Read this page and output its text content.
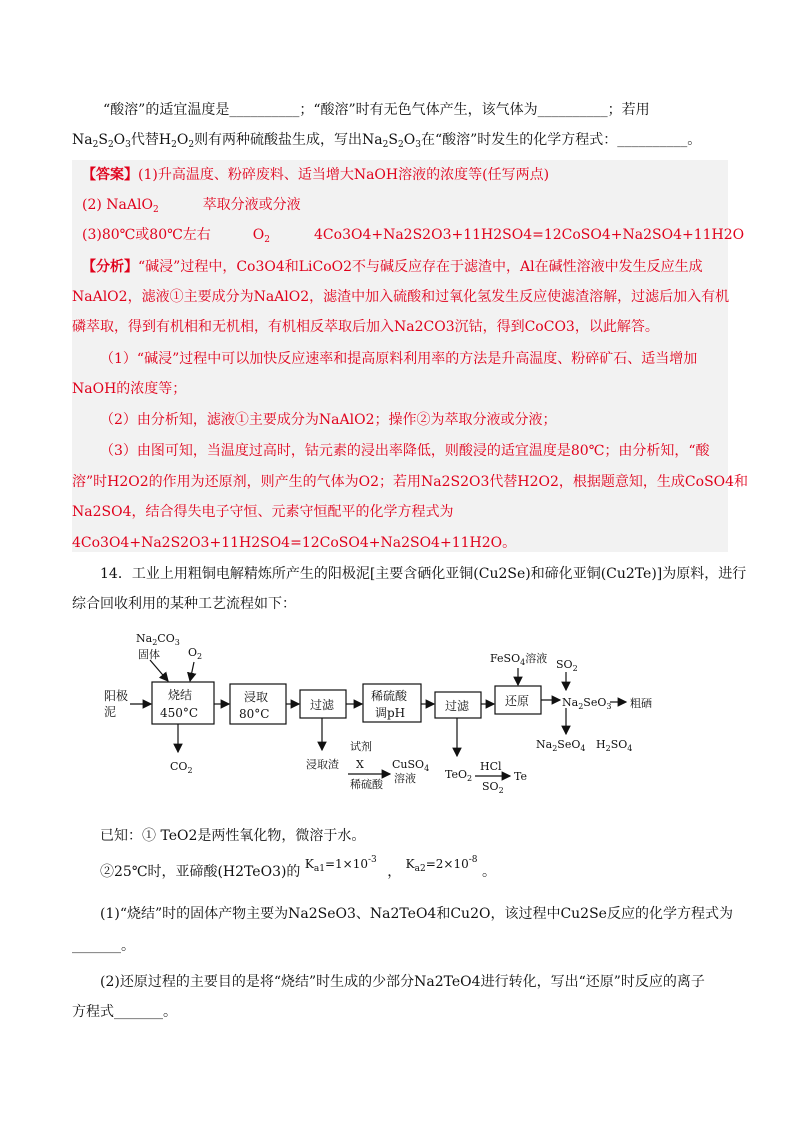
“酸溶”的适宜温度是__________；“酸溶”时有无色气体产生，该气体为__________；若用
$Na_2S_2O_3$代替$H_2O_2$则有两种硫酸盐生成，写出$Na_2S_2O_3$在“酸溶”时发生的化学方程式：__________。
【答案】(1)升高温度、粉碎废料、适当增大NaOH溶液的浓度等(任写两点)
(2) NaAlO$_2$	萃取分液或分液
(3)80℃或80℃左右	$O_2$	4Co3O4+Na2S2O3+11H2SO4=12CoSO4+Na2SO4+11H2O
【分析】“碱浸”过程中，Co3O4和LiCoO2不与碱反应存在于滤渣中，Al在碱性溶液中发生反应生成
NaAlO2，滤液①主要成分为NaAlO2，滤渣中加入硫酸和过氧化氢发生反应使滤渣溶解，过滤后加入有机
磷萃取，得到有机相和无机相，有机相反萃取后加入Na2CO3沉钴，得到CoCO3，以此解答。
（1）“碱浸”过程中可以加快反应速率和提高原料利用率的方法是升高温度、粉碎矿石、适当增加
NaOH的浓度等；
（2）由分析知，滤液①主要成分为NaAlO2；操作②为萃取分液或分液；
（3）由图可知，当温度过高时，钴元素的浸出率降低，则酸浸的适宜温度是80℃；由分析知，“酸
溶”时H2O2的作用为还原剂，则产生的气体为O2；若用Na2S2O3代替H2O2，根据题意知，生成CoSO4和
Na2SO4，结合得失电子守恒、元素守恒配平的化学方程式为
4Co3O4+Na2S2O3+11H2SO4=12CoSO4+Na2SO4+11H2O。
14．工业上用粗铜电解精炼所产生的阳极泥[主要含硒化亚铜(Cu2Se)和碲化亚铜(Cu2Te)]为原料，进行
综合回收利用的某种工艺流程如下：
$Na_2CO_3$
固体	$O_2$
阳极
泥
烧结
450°C
浸取
80°C
过滤
稀硫酸
调pH	过滤	还原
$CO_2$	浸取渣
试剂
X
稀硫酸
CuSO$_4$
溶液	TeO$_2$
HCl
$SO_2$
Te
FeSO$_4$溶液 $SO_2$
$Na_2SeO_3$ 粗硒
$Na_2SeO_4$ $H_2SO_4$
已知：① TeO2是两性氧化物，微溶于水。
②25℃时，亚碲酸(H2TeO3)的 $K_{a1}=1\times 10^{-3}$ ， $K_{a2}=2\times 10^{-8}$ 。
(1)“烧结”时的固体产物主要为Na2SeO3、Na2TeO4和Cu2O，该过程中Cu2Se反应的化学方程式为
_______。
(2)还原过程的主要目的是将“烧结”时生成的少部分Na2TeO4进行转化，写出“还原”时反应的离子
方程式_______。
